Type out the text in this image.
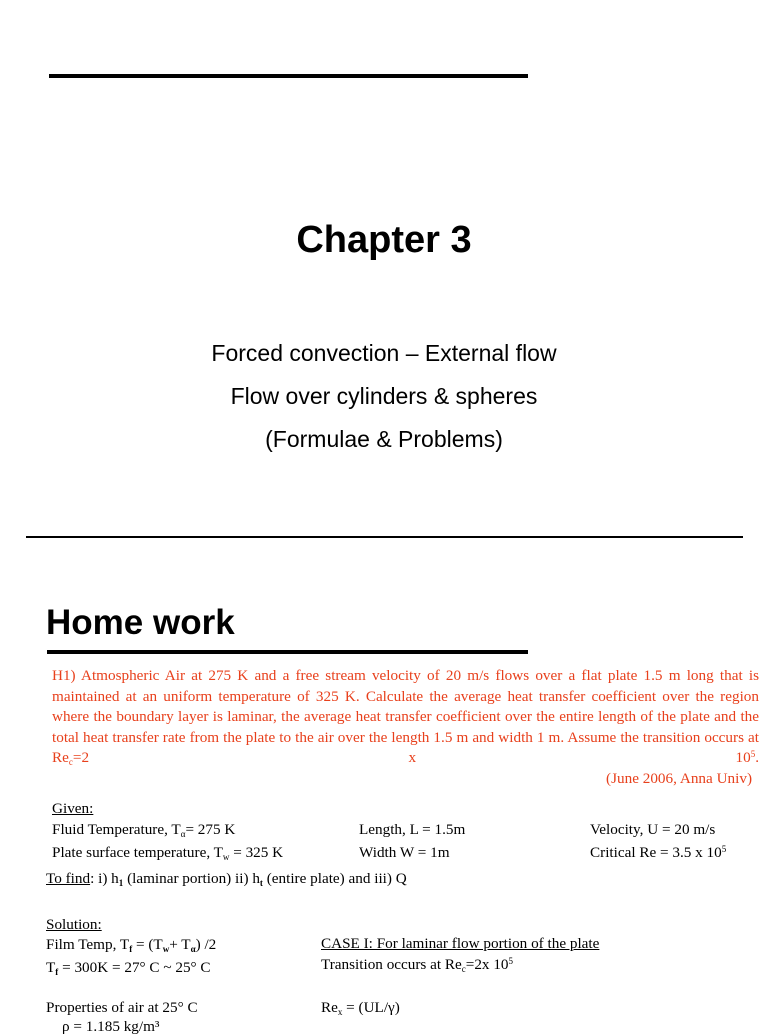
Chapter 3
Forced convection – External flow
Flow over cylinders & spheres
(Formulae & Problems)
Home work
H1) Atmospheric Air at 275 K and a free stream velocity of 20 m/s flows over a flat plate 1.5 m long that is maintained at an uniform temperature of 325 K. Calculate the average heat transfer coefficient over the region where the boundary layer is laminar, the average heat transfer coefficient over the entire length of the plate and the total heat transfer rate from the plate to the air over the length 1.5 m and width 1 m. Assume the transition occurs at $Re_c=2$ x $10^5$.
(June 2006, Anna Univ)
Given:
Fluid Temperature, $T_\alpha= 275$ K	Length, L = 1.5m	Velocity, U = 20 m/s
Plate surface temperature, $T_w = 325$ K	Width W = 1m	Critical Re = 3.5 x $10^5$
To find: i) $h_1$ (laminar portion) ii) $h_t$ (entire plate) and iii) Q
Solution:
Film Temp, $T_f = (T_w+ T_\alpha)$ /2
$T_f = 300K = 27^\circ$ C ~ 25° C
Properties of air at 25° C
ρ = 1.185 kg/m³
CASE I: For laminar flow portion of the plate
Transition occurs at $Re_c=2x$ $10^5$
$Re_x = (UL/\gamma)$
